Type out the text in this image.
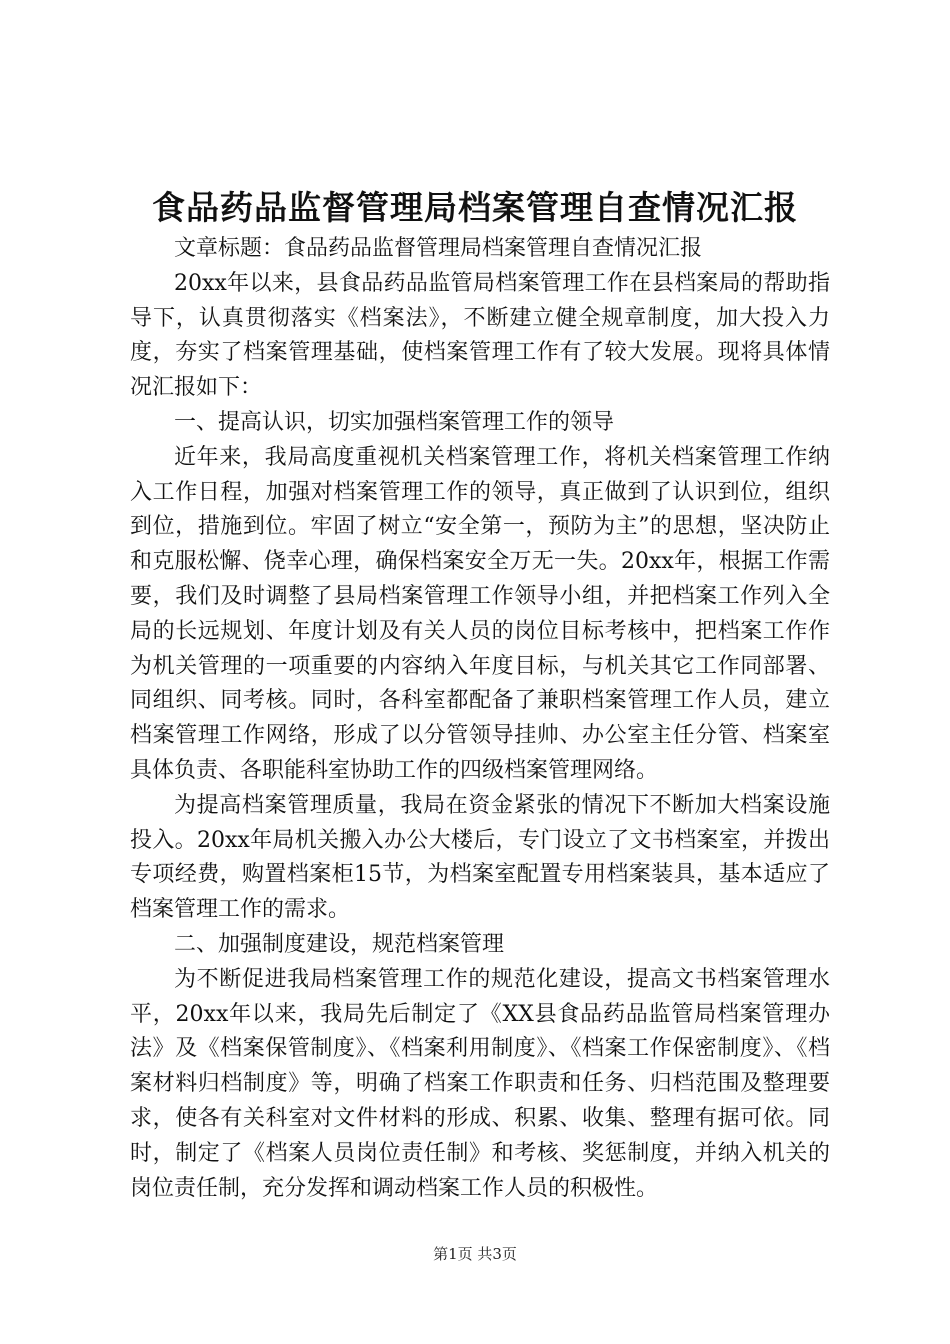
食品药品监督管理局档案管理自查情况汇报

文章标题：食品药品监督管理局档案管理自查情况汇报

20xx年以来，县食品药品监管局档案管理工作在县档案局的帮助指导下，认真贯彻落实《档案法》，不断建立健全规章制度，加大投入力度，夯实了档案管理基础，使档案管理工作有了较大发展。现将具体情况汇报如下：

一、提高认识，切实加强档案管理工作的领导

近年来，我局高度重视机关档案管理工作，将机关档案管理工作纳入工作日程，加强对档案管理工作的领导，真正做到了认识到位，组织到位，措施到位。牢固了树立“安全第一，预防为主”的思想，坚决防止和克服松懈、侥幸心理，确保档案安全万无一失。20xx年，根据工作需要，我们及时调整了县局档案管理工作领导小组，并把档案工作列入全局的长远规划、年度计划及有关人员的岗位目标考核中，把档案工作作为机关管理的一项重要的内容纳入年度目标，与机关其它工作同部署、同组织、同考核。同时，各科室都配备了兼职档案管理工作人员，建立档案管理工作网络，形成了以分管领导挂帅、办公室主任分管、档案室具体负责、各职能科室协助工作的四级档案管理网络。

为提高档案管理质量，我局在资金紧张的情况下不断加大档案设施投入。20xx年局机关搬入办公大楼后，专门设立了文书档案室，并拨出专项经费，购置档案柜15节，为档案室配置专用档案装具，基本适应了档案管理工作的需求。

二、加强制度建设，规范档案管理

为不断促进我局档案管理工作的规范化建设，提高文书档案管理水平，20xx年以来，我局先后制定了《XX县食品药品监管局档案管理办法》及《档案保管制度》、《档案利用制度》、《档案工作保密制度》、《档案材料归档制度》等，明确了档案工作职责和任务、归档范围及整理要求，使各有关科室对文件材料的形成、积累、收集、整理有据可依。同时，制定了《档案人员岗位责任制》和考核、奖惩制度，并纳入机关的岗位责任制，充分发挥和调动档案工作人员的积极性。

第1页 共3页
